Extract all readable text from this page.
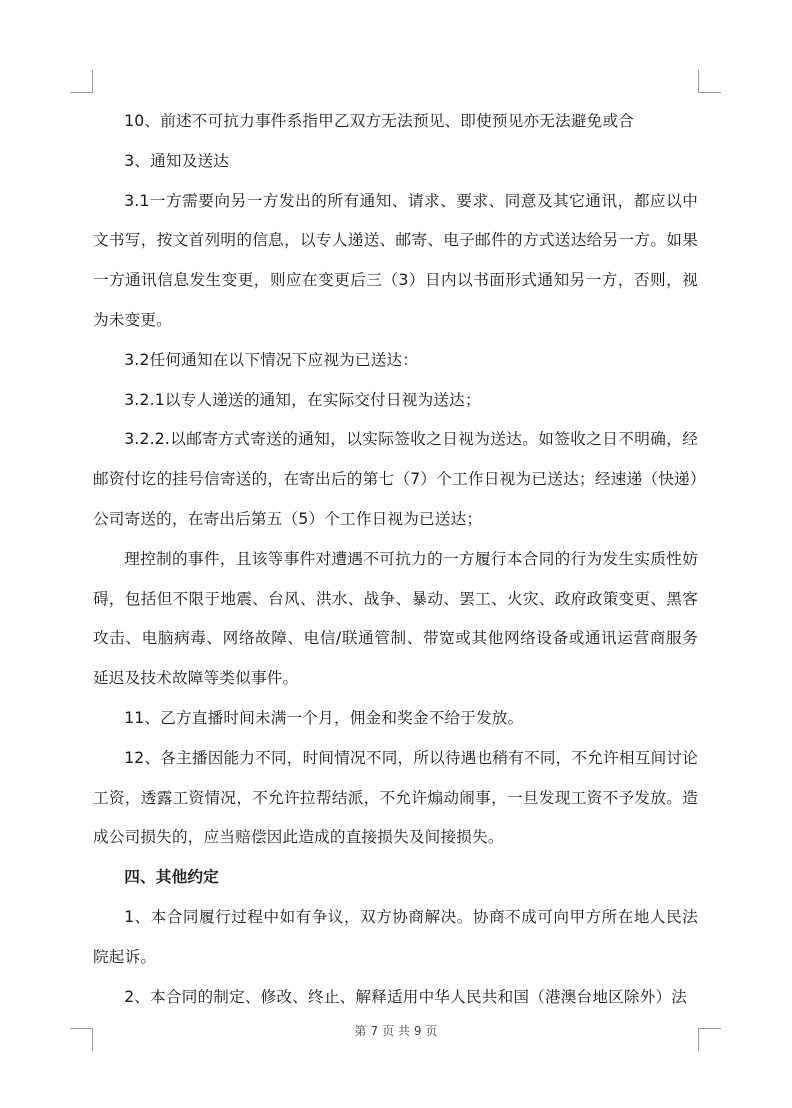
10、前述不可抗力事件系指甲乙双方无法预见、即使预见亦无法避免或合

3、通知及送达

3.1一方需要向另一方发出的所有通知、请求、要求、同意及其它通讯，都应以中文书写，按文首列明的信息，以专人递送、邮寄、电子邮件的方式送达给另一方。如果一方通讯信息发生变更，则应在变更后三（3）日内以书面形式通知另一方，否则，视为未变更。

3.2任何通知在以下情况下应视为已送达：

3.2.1以专人递送的通知，在实际交付日视为送达；

3.2.2.以邮寄方式寄送的通知，以实际签收之日视为送达。如签收之日不明确，经邮资付讫的挂号信寄送的，在寄出后的第七（7）个工作日视为已送达；经速递（快递）公司寄送的，在寄出后第五（5）个工作日视为已送达；

理控制的事件，且该等事件对遭遇不可抗力的一方履行本合同的行为发生实质性妨碍，包括但不限于地震、台风、洪水、战争、暴动、罢工、火灾、政府政策变更、黑客攻击、电脑病毒、网络故障、电信/联通管制、带宽或其他网络设备或通讯运营商服务延迟及技术故障等类似事件。

11、乙方直播时间未满一个月，佣金和奖金不给于发放。

12、各主播因能力不同，时间情况不同，所以待遇也稍有不同，不允许相互间讨论工资，透露工资情况，不允许拉帮结派，不允许煽动闹事，一旦发现工资不予发放。造成公司损失的，应当赔偿因此造成的直接损失及间接损失。

四、其他约定

1、本合同履行过程中如有争议，双方协商解决。协商不成可向甲方所在地人民法院起诉。

2、本合同的制定、修改、终止、解释适用中华人民共和国（港澳台地区除外）法

第 7 页 共 9 页
